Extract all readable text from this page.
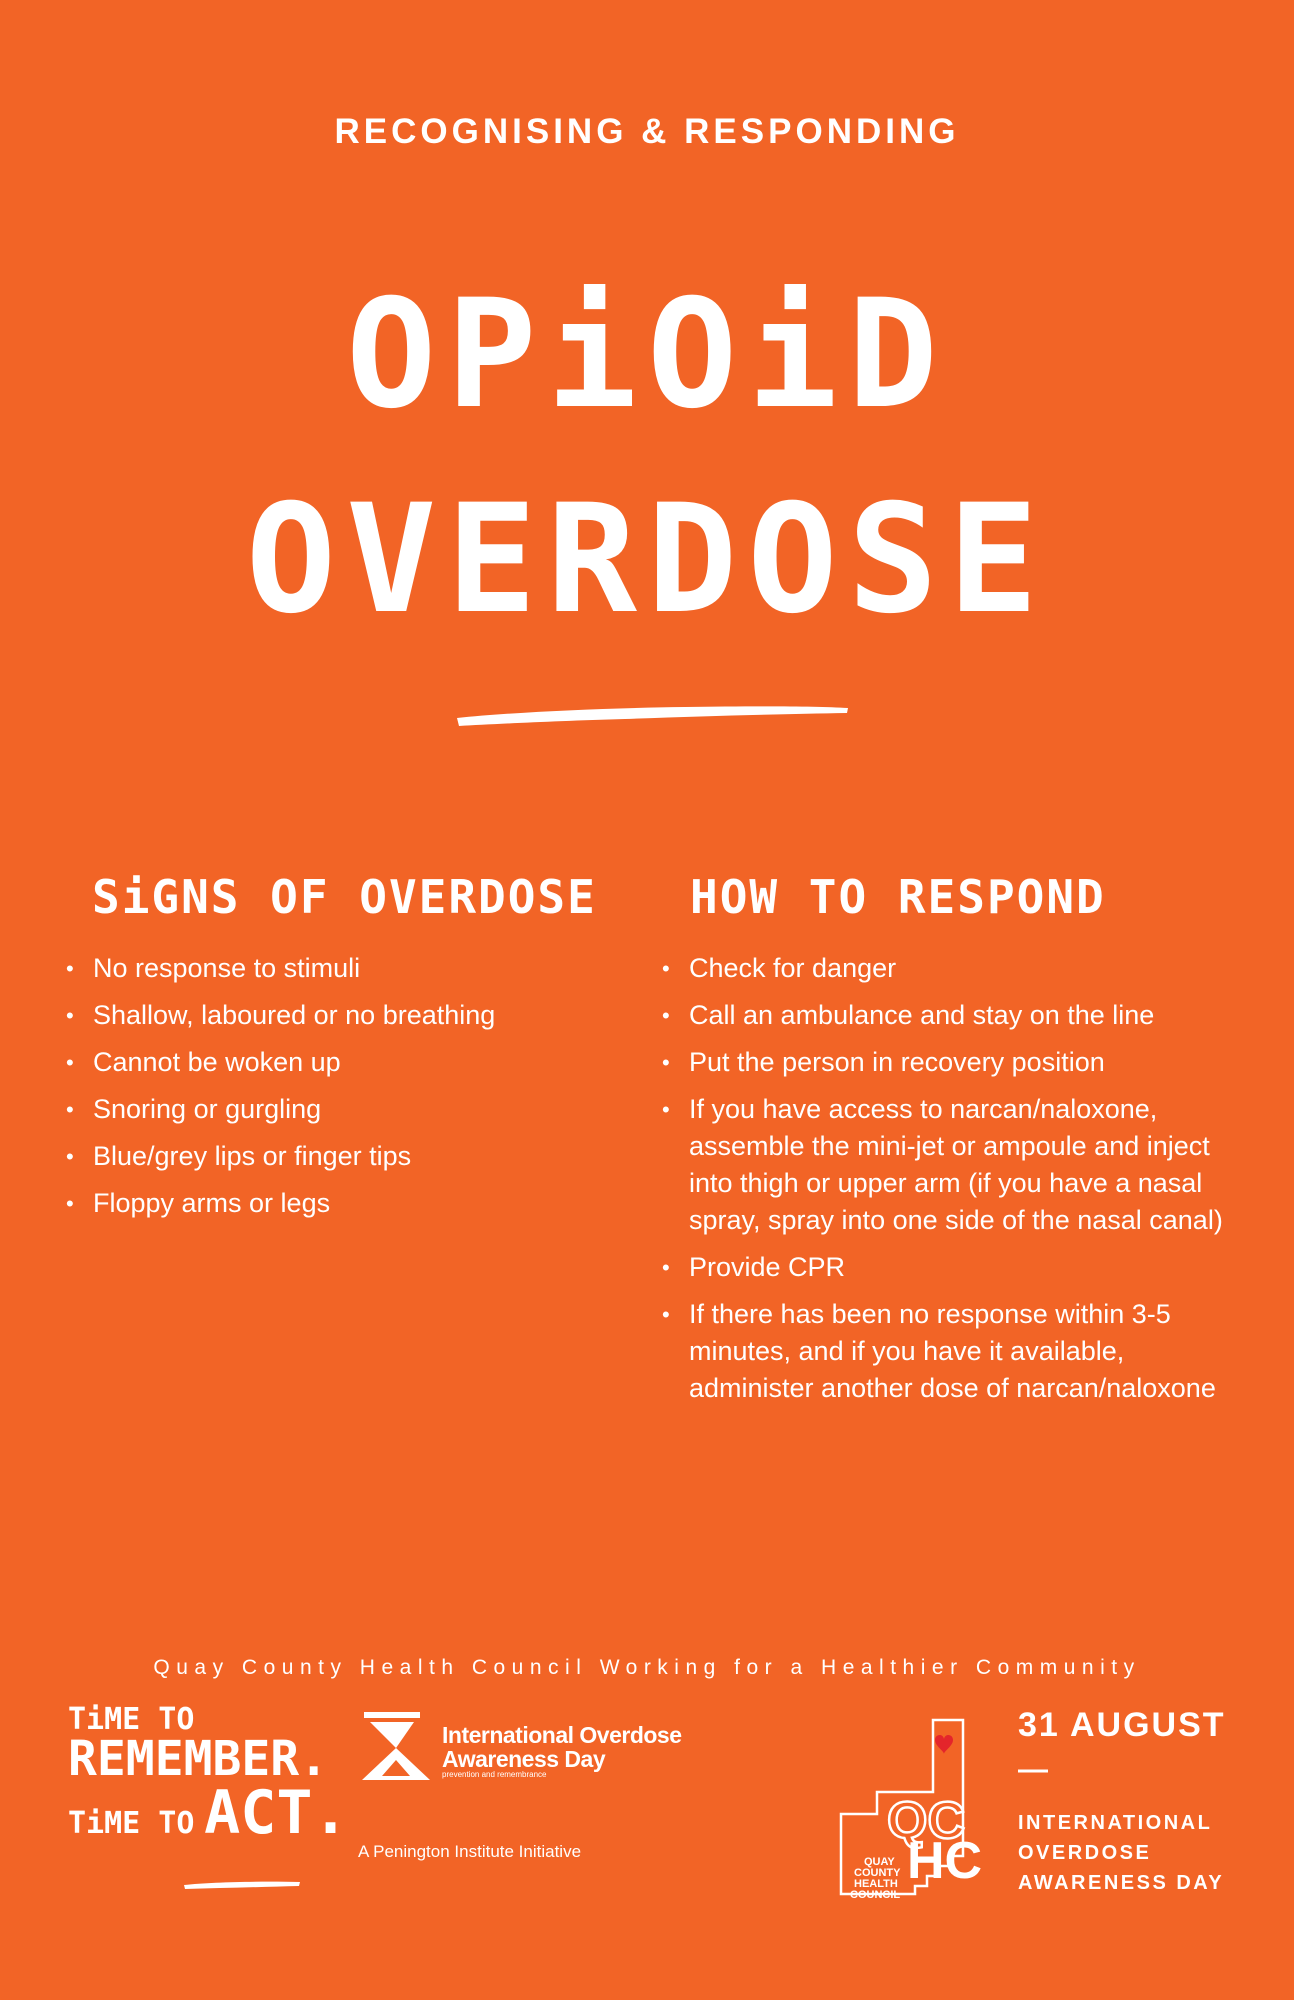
RECOGNISING & RESPONDING
OPiOiD
OVERDOSE
SiGNS OF OVERDOSE
• No response to stimuli
• Shallow, laboured or no breathing
• Cannot be woken up
• Snoring or gurgling
• Blue/grey lips or finger tips
• Floppy arms or legs
HOW TO RESPOND
• Check for danger
• Call an ambulance and stay on the line
• Put the person in recovery position
• If you have access to narcan/naloxone, assemble the mini-jet or ampoule and inject into thigh or upper arm (if you have a nasal spray, spray into one side of the nasal canal)
• Provide CPR
• If there has been no response within 3-5 minutes, and if you have it available, administer another dose of narcan/naloxone
Quay County Health Council Working for a Healthier Community
TiME TO
REMEMBER.
TiME TO ACT.
International Overdose
Awareness Day
prevention and remembrance
A Penington Institute Initiative
QC
HC
QUAY
COUNTY
HEALTH
COUNCIL
31 AUGUST
—
INTERNATIONAL
OVERDOSE
AWARENESS DAY
